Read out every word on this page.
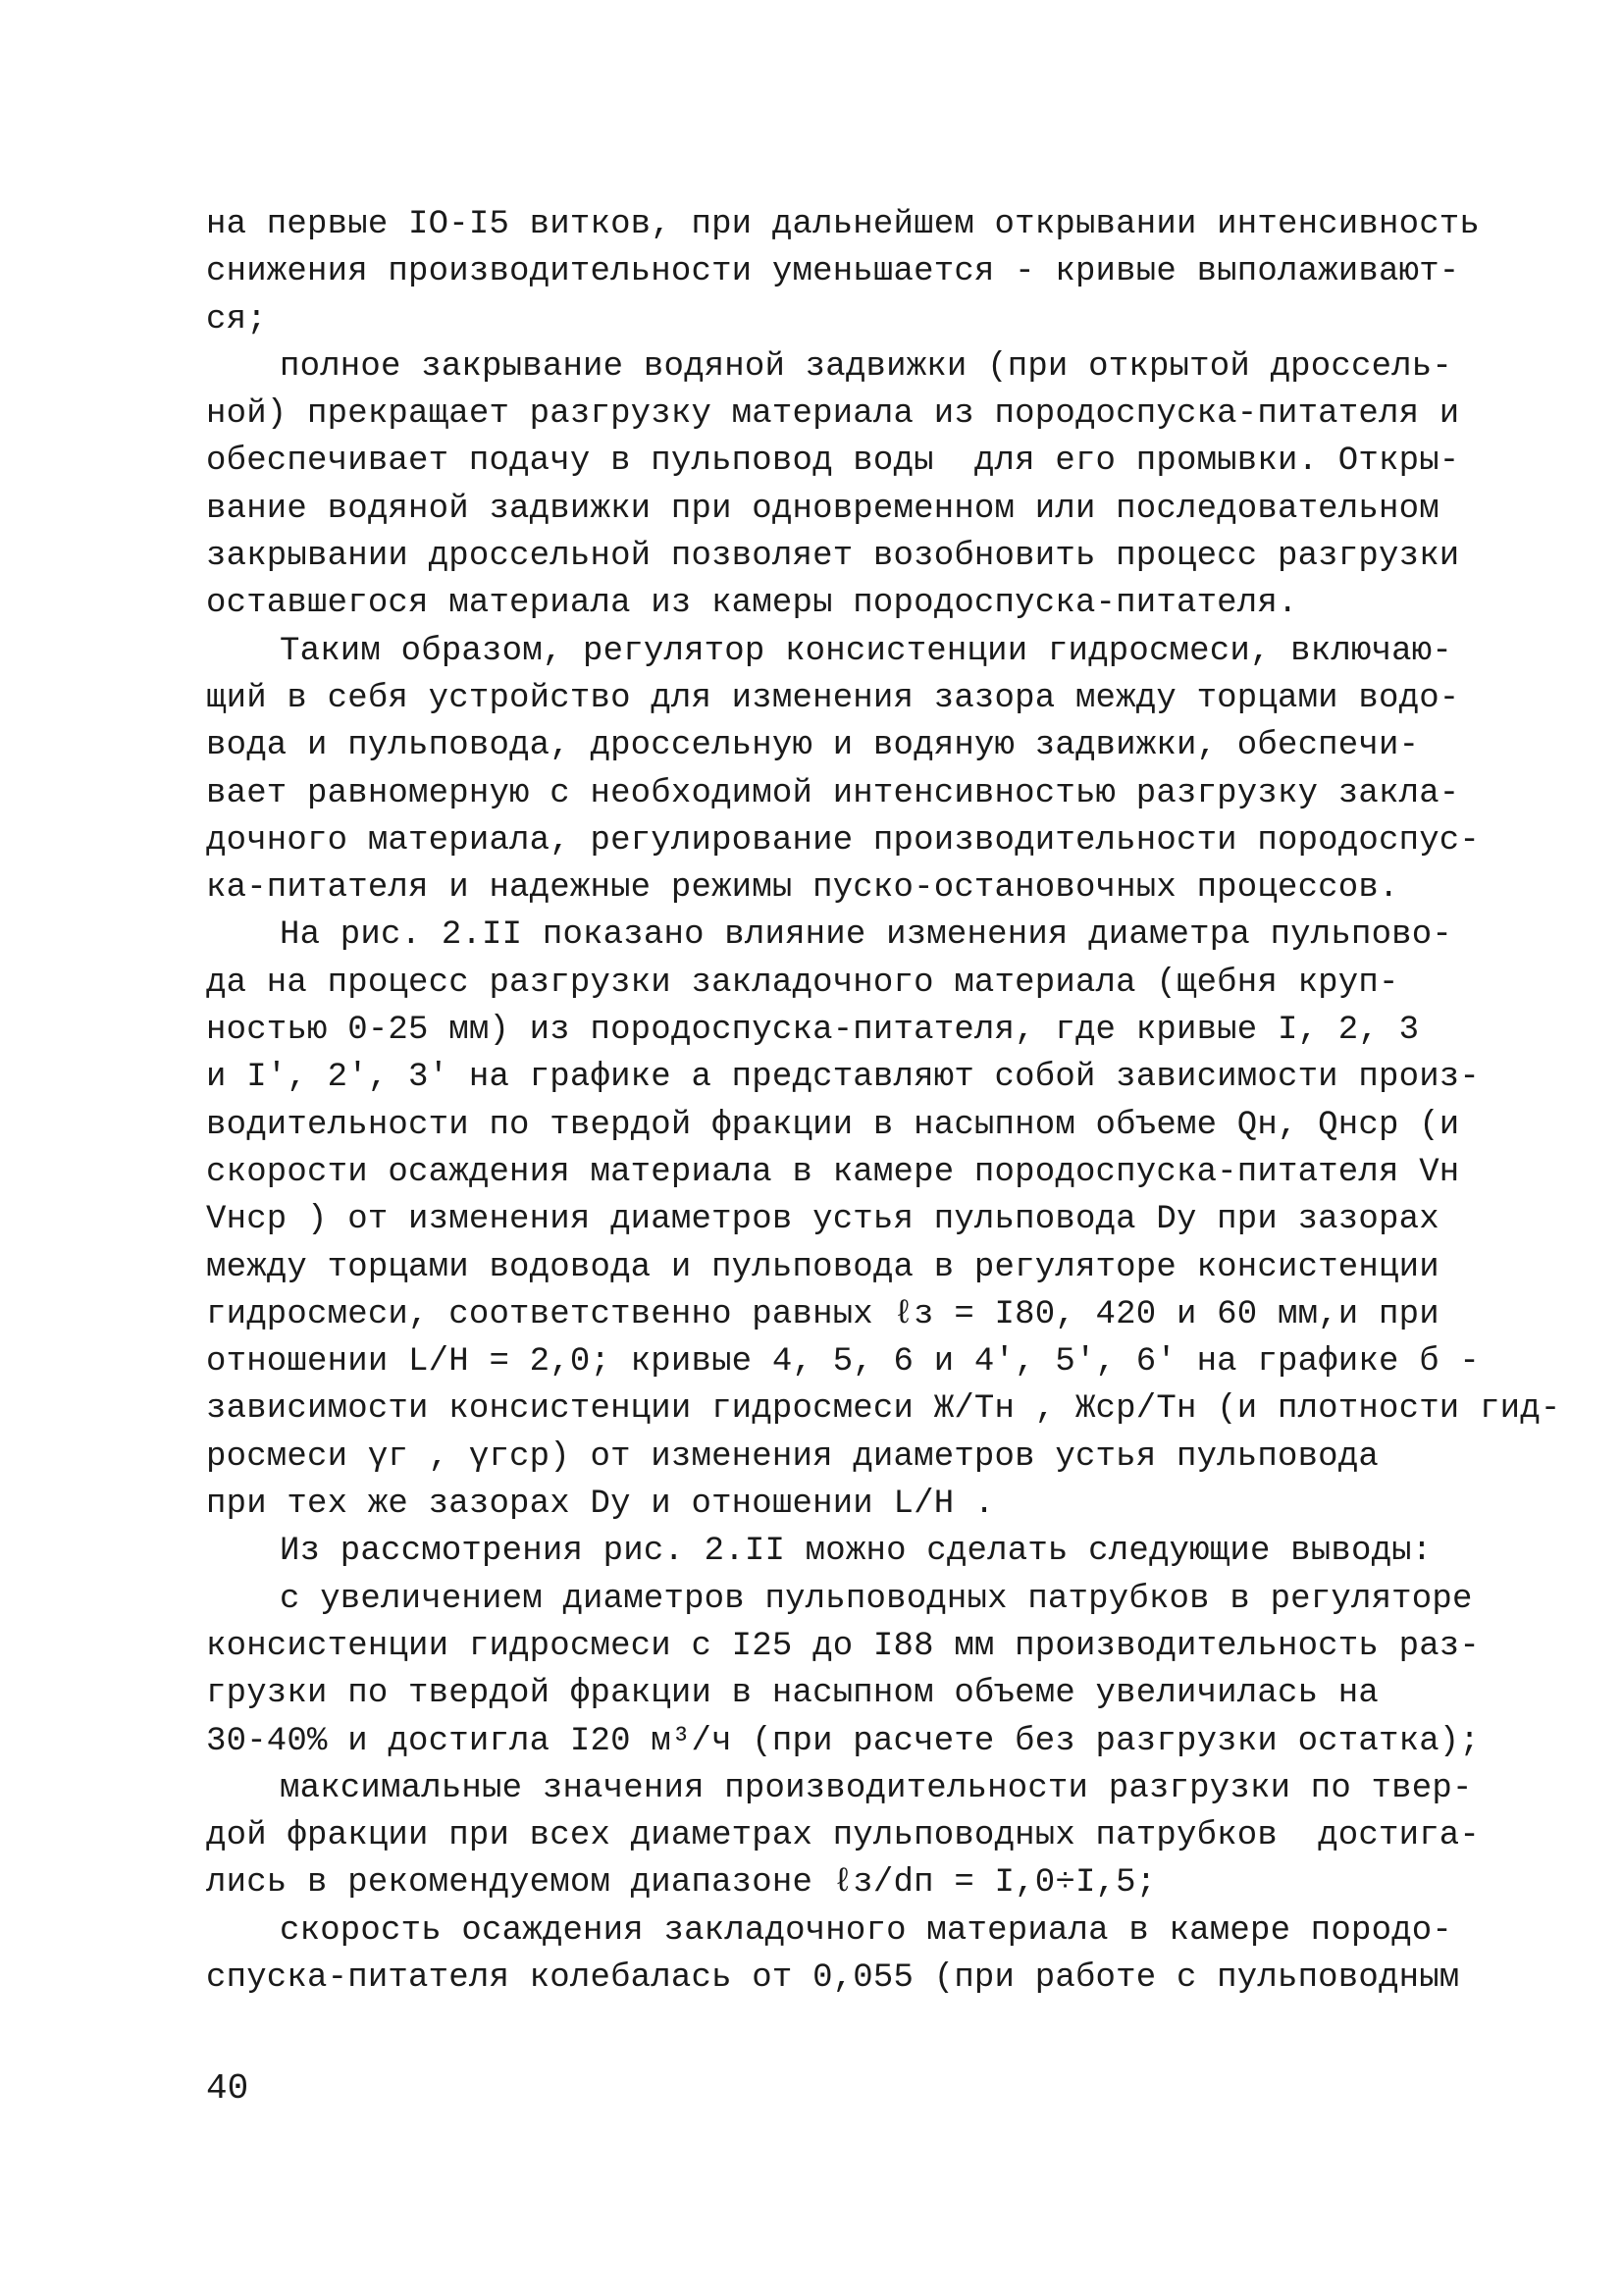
на первые IO-I5 витков, при дальнейшем открывании интенсивность
снижения производительности уменьшается - кривые выполаживают-
ся;
полное закрывание водяной задвижки (при открытой дроссель-
ной) прекращает разгрузку материала из породоспуска-питателя и
обеспечивает подачу в пульповод воды  для его промывки. Откры-
вание водяной задвижки при одновременном или последовательном
закрывании дроссельной позволяет возобновить процесс разгрузки
оставшегося материала из камеры породоспуска-питателя.
Таким образом, регулятор консистенции гидросмеси, включаю-
щий в себя устройство для изменения зазора между торцами водо-
вода и пульповода, дроссельную и водяную задвижки, обеспечи-
вает равномерную с необходимой интенсивностью разгрузку закла-
дочного материала, регулирование производительности породоспус-
ка-питателя и надежные режимы пуско-остановочных процессов.
На рис. 2.II показано влияние изменения диаметра пульпово-
да на процесс разгрузки закладочного материала (щебня круп-
ностью 0-25 мм) из породоспуска-питателя, где кривые I, 2, 3
и I', 2', 3' на графике а представляют собой зависимости произ-
водительности по твердой фракции в насыпном объеме Qн, Qнср (и
скорости осаждения материала в камере породоспуска-питателя Vн
Vнср ) от изменения диаметров устья пульповода Dу при зазорах
между торцами водовода и пульповода в регуляторе консистенции
гидросмеси, соответственно равных ℓз = I80, 420 и 60 мм,и при
отношении L/H = 2,0; кривые 4, 5, 6 и 4', 5', 6' на графике б -
зависимости консистенции гидросмеси Ж/Tн , Жср/Tн (и плотности гид-
росмеси γг , γгср) от изменения диаметров устья пульповода
при тех же зазорах Dу и отношении L/H .
Из рассмотрения рис. 2.II можно сделать следующие выводы:
с увеличением диаметров пульповодных патрубков в регуляторе
консистенции гидросмеси с I25 до I88 мм производительность раз-
грузки по твердой фракции в насыпном объеме увеличилась на
30-40% и достигла I20 м³/ч (при расчете без разгрузки остатка);
максимальные значения производительности разгрузки по твер-
дой фракции при всех диаметрах пульповодных патрубков  достига-
лись в рекомендуемом диапазоне ℓз/dп = I,0÷I,5;
скорость осаждения закладочного материала в камере породо-
спуска-питателя колебалась от 0,055 (при работе с пульповодным
40
